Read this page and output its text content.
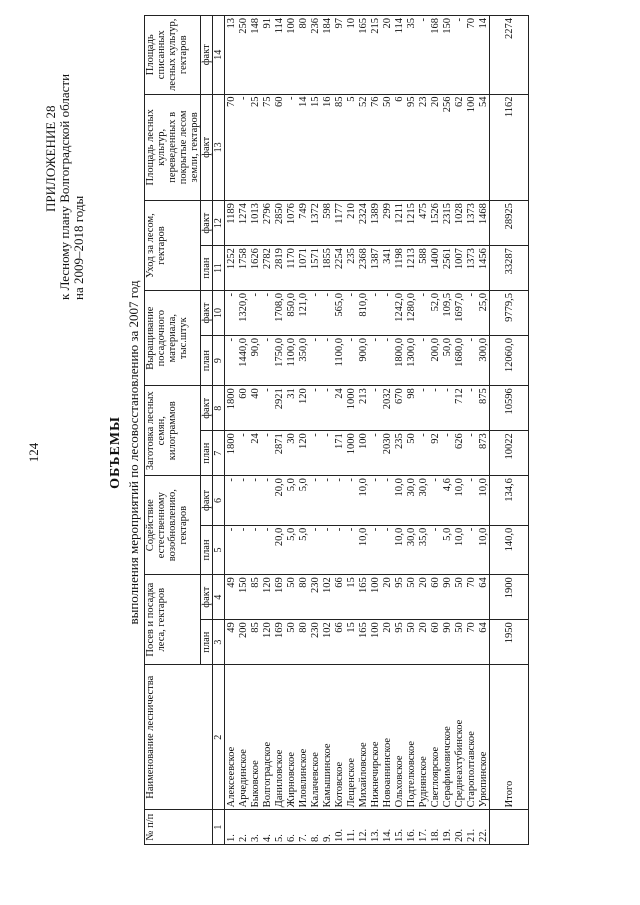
124
ПРИЛОЖЕНИЕ 28 к Лесному плану Волгоградской области на 2009–2018 годы
ОБЪЕМЫ выполнения мероприятий по лесовосстановлению за 2007 год
№ п/п	Наименование лесничества	Посев и посадка леса, гектаров		Содействие естественному возобновлению, гектаров		Заготовка лесных семян, килограммов		Выращивание посадочного материала, тыс.штук		Уход за лесом, гектаров		Площадь лесных культур, переведенных в покрытые лесом земли, гектаров	Площадь списанных лесных культур, гектаров
		план	факт	план	факт	план	факт	план	факт	план	факт	факт	факт
1	2	3	4	5	6	7	8	9	10	11	12	13	14
1.	Алексеевское	49	49	-	-	1800	1800	-	-	1252	1189	70	13
2.	Арчединское	200	150	-	-	-	60	1440,0	1320,0	1758	1274	-	250
3.	Быковское	85	85	-	-	24	40	90,0	-	1626	1013	25	148
4.	Волгоградское	120	120	-	-	-	-	-	-	2782	2796	75	91
5.	Даниловское	169	169	20,0	20,0	2871	2921	1750,0	1708,0	2819	2850	60	114
6.	Жирновское	50	50	5,0	5,0	30	31	1100,0	850,0	1170	1076	-	100
7.	Иловлинское	80	80	5,0	5,0	120	120	350,0	121,0	1071	749	14	80
8.	Калачевское	230	230	-	-	-	-	-	-	1571	1372	15	236
9.	Камышинское	102	102	-	-	-	-	-	-	1855	598	16	184
10.	Котовское	66	66	-	-	171	24	1100,0	565,0	2254	1177	85	97
11.	Лещенское	15	15	-	-	1000	1000	-	-	235	210	5	10
12.	Михайловское	165	165	10,0	10,0	100	213	900,0	810,0	2368	2324	52	165
13.	Нижнечирское	100	100	-	-	-	-	-	-	1387	1389	76	215
14.	Новоаннинское	20	20	-	-	2030	2032	-	-	341	299	50	20
15.	Ольховское	95	95	10,0	10,0	235	670	1800,0	1242,0	1198	1211	6	114
16.	Подтелковское	50	50	30,0	30,0	50	98	1300,0	1280,0	1213	1215	95	35
17.	Руднянское	20	20	35,0	30,0	-	-	-	-	588	475	23	-
18.	Светлоярское	60	60	-	-	92	-	200,0	52,0	1400	1526	20	168
19.	Серафимовичское	90	90	5,0	4,6	-	-	50,0	109,5	2561	2315	256	150
20.	Среднеахтубинское	50	50	10,0	10,0	626	712	1680,0	1697,0	1007	1028	62	-
21.	Старополтавское	70	70	-	-	-	-	-	-	1373	1373	100	70
22.	Урюпинское	64	64	10,0	10,0	873	875	300,0	25,0	1456	1468	54	14
	Итого	1950	1900	140,0	134,6	10022	10596	12060,0	9779,5	33287	28925	1162	2274
